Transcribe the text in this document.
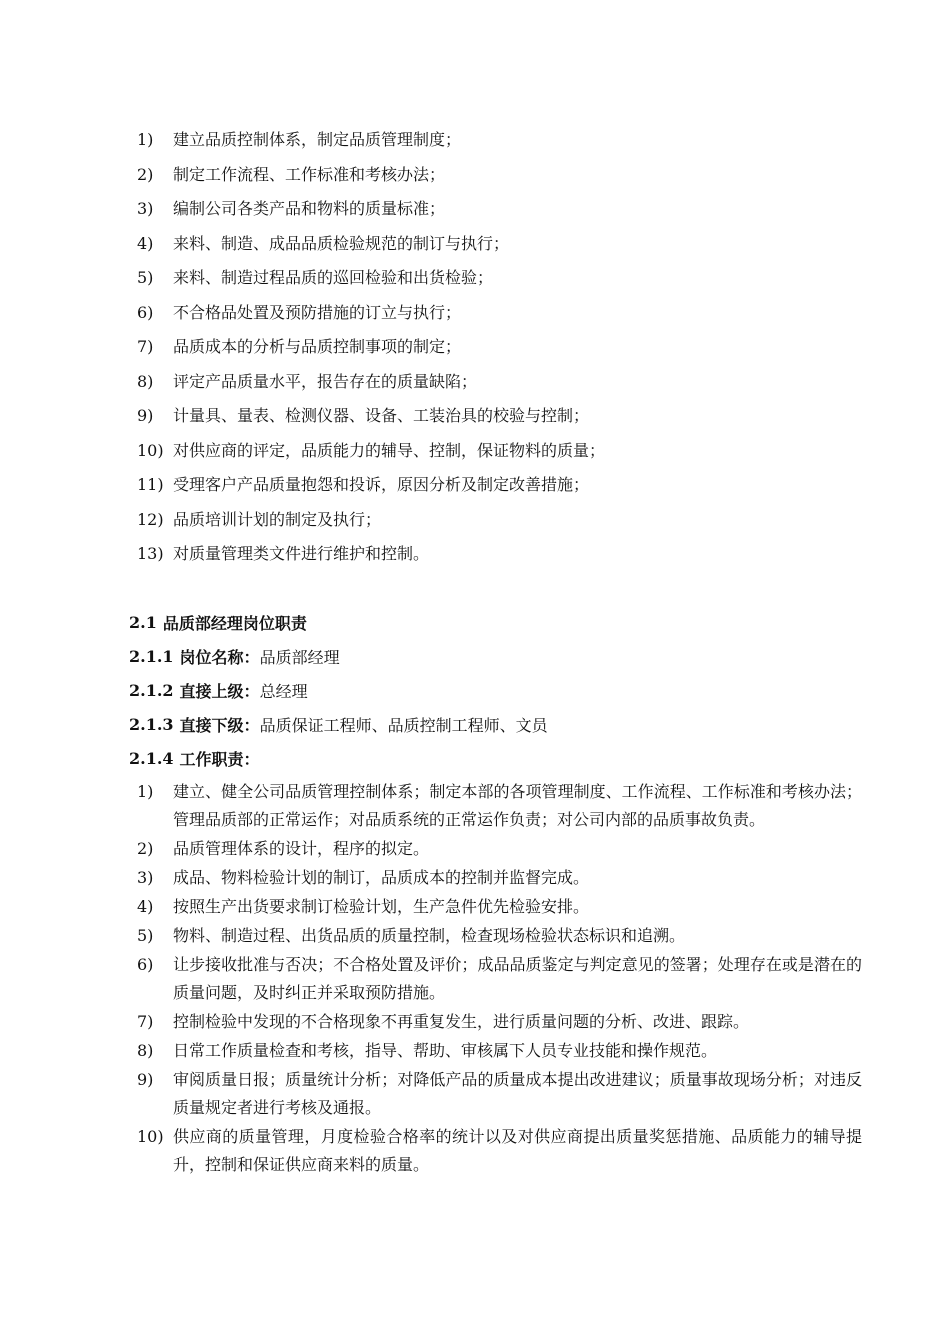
1)	建立品质控制体系，制定品质管理制度；
2)	制定工作流程、工作标准和考核办法；
3)	编制公司各类产品和物料的质量标准；
4)	来料、制造、成品品质检验规范的制订与执行；
5)	来料、制造过程品质的巡回检验和出货检验；
6)	不合格品处置及预防措施的订立与执行；
7)	品质成本的分析与品质控制事项的制定；
8)	评定产品质量水平，报告存在的质量缺陷；
9)	计量具、量表、检测仪器、设备、工装治具的校验与控制；
10) 对供应商的评定，品质能力的辅导、控制，保证物料的质量；
11) 受理客户产品质量抱怨和投诉，原因分析及制定改善措施；
12) 品质培训计划的制定及执行；
13) 对质量管理类文件进行维护和控制。
2.1 品质部经理岗位职责
2.1.1 岗位名称： 品质部经理
2.1.2 直接上级： 总经理
2.1.3 直接下级： 品质保证工程师、品质控制工程师、文员
2.1.4 工作职责：
1)	建立、健全公司品质管理控制体系；制定本部的各项管理制度、工作流程、工作标准和考核办法；管理品质部的正常运作；对品质系统的正常运作负责；对公司内部的品质事故负责。
2)	品质管理体系的设计，程序的拟定。
3)	成品、物料检验计划的制订，品质成本的控制并监督完成。
4)	按照生产出货要求制订检验计划，生产急件优先检验安排。
5)	物料、制造过程、出货品质的质量控制，检查现场检验状态标识和追溯。
6)	让步接收批准与否决；不合格处置及评价；成品品质鉴定与判定意见的签署；处理存在或是潜在的质量问题，及时纠正并采取预防措施。
7)	控制检验中发现的不合格现象不再重复发生，进行质量问题的分析、改进、跟踪。
8)	日常工作质量检查和考核，指导、帮助、审核属下人员专业技能和操作规范。
9)	审阅质量日报；质量统计分析；对降低产品的质量成本提出改进建议；质量事故现场分析；对违反质量规定者进行考核及通报。
10) 供应商的质量管理，月度检验合格率的统计以及对供应商提出质量奖惩措施、品质能力的辅导提升，控制和保证供应商来料的质量。
